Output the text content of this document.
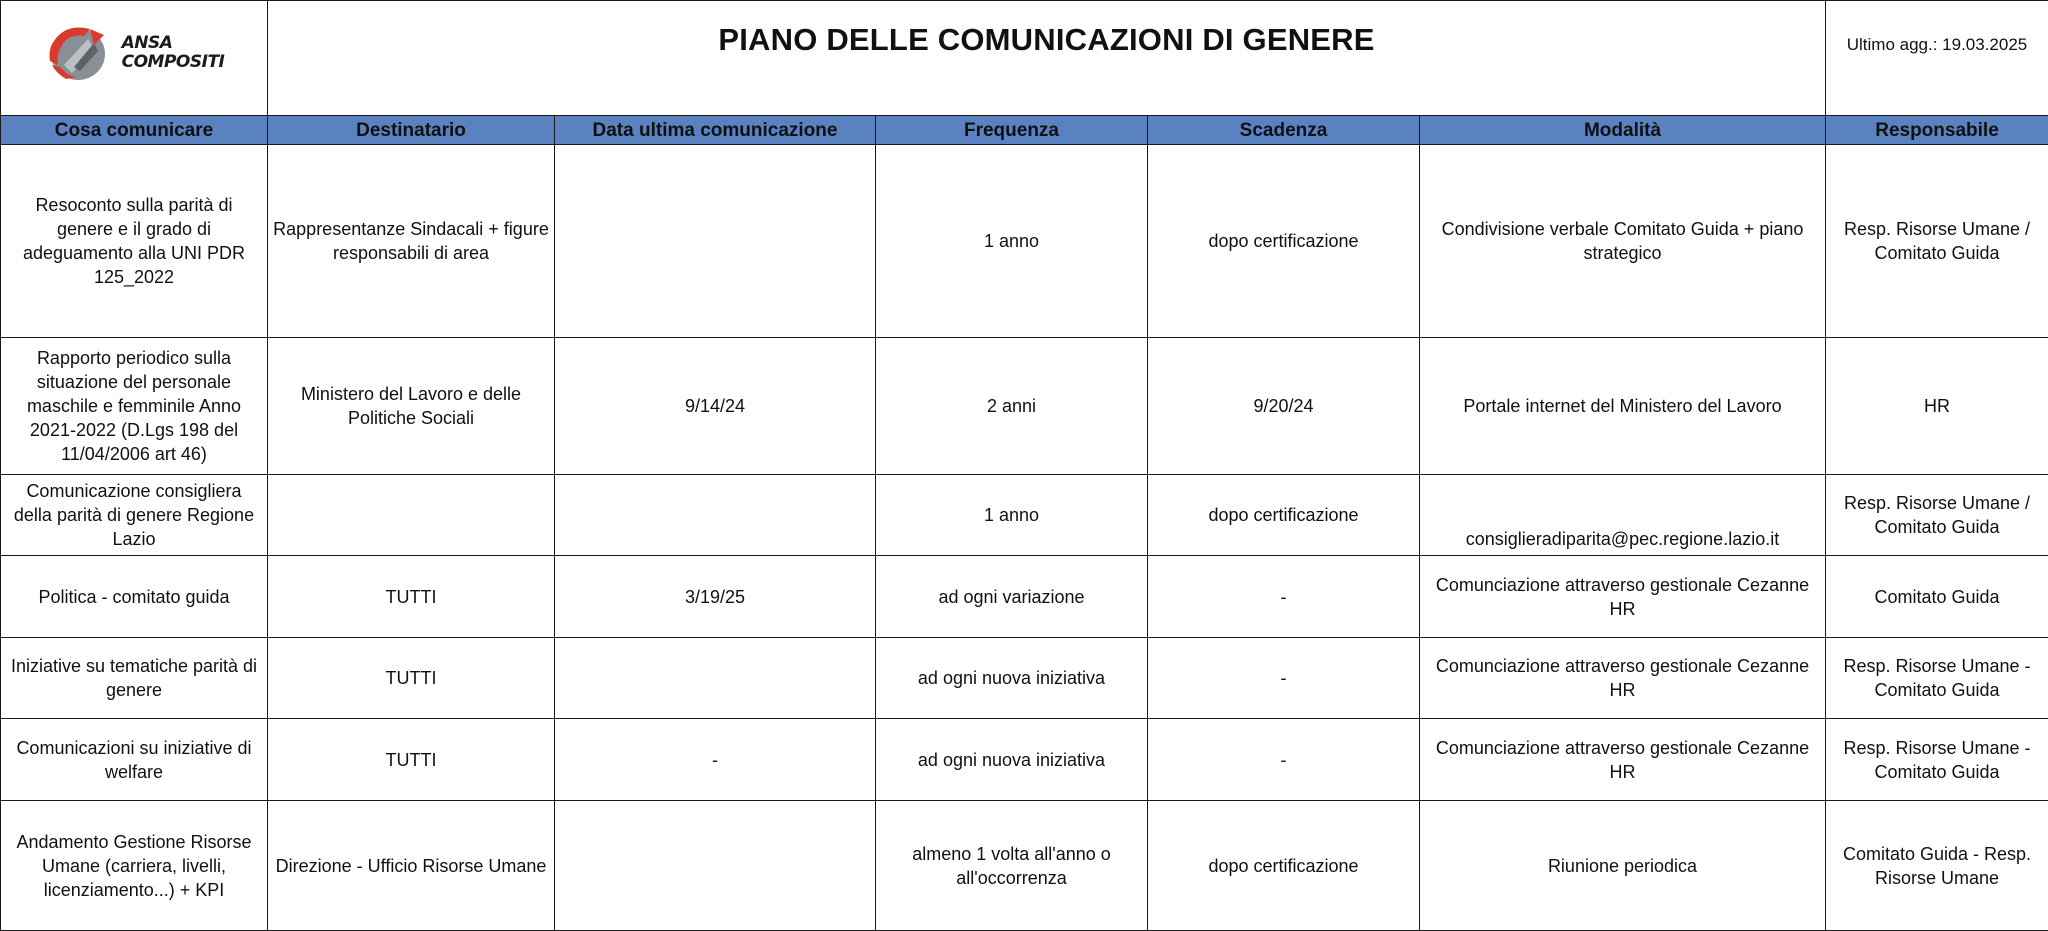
ANSA
COMPOSITI	PIANO DELLE COMUNICAZIONI DI GENERE					Ultimo agg.: 19.03.2025
Cosa comunicare	Destinatario	Data ultima comunicazione	Frequenza	Scadenza	Modalità	Responsabile
Resoconto sulla parità di genere e il grado di adeguamento alla UNI PDR 125_2022	Rappresentanze Sindacali + figure responsabili di area		1 anno	dopo certificazione	Condivisione verbale Comitato Guida + piano strategico	Resp. Risorse Umane / Comitato Guida
Rapporto periodico sulla situazione del personale maschile e femminile Anno 2021-2022 (D.Lgs 198 del 11/04/2006 art 46)	Ministero del Lavoro e delle Politiche Sociali	9/14/24	2 anni	9/20/24	Portale internet del Ministero del Lavoro	HR
Comunicazione consigliera della parità di genere Regione Lazio			1 anno	dopo certificazione	consiglieradiparita@pec.regione.lazio.it	Resp. Risorse Umane / Comitato Guida
Politica - comitato guida	TUTTI	3/19/25	ad ogni variazione	-	Comunciazione attraverso gestionale Cezanne HR	Comitato Guida
Iniziative su tematiche parità di genere	TUTTI		ad ogni nuova iniziativa	-	Comunciazione attraverso gestionale Cezanne HR	Resp. Risorse Umane - Comitato Guida
Comunicazioni su iniziative di welfare	TUTTI	-	ad ogni nuova iniziativa	-	Comunciazione attraverso gestionale Cezanne HR	Resp. Risorse Umane - Comitato Guida
Andamento Gestione Risorse Umane (carriera, livelli, licenziamento...) + KPI	Direzione - Ufficio Risorse Umane		almeno 1 volta all'anno o all'occorrenza	dopo certificazione	Riunione periodica	Comitato Guida - Resp. Risorse Umane
